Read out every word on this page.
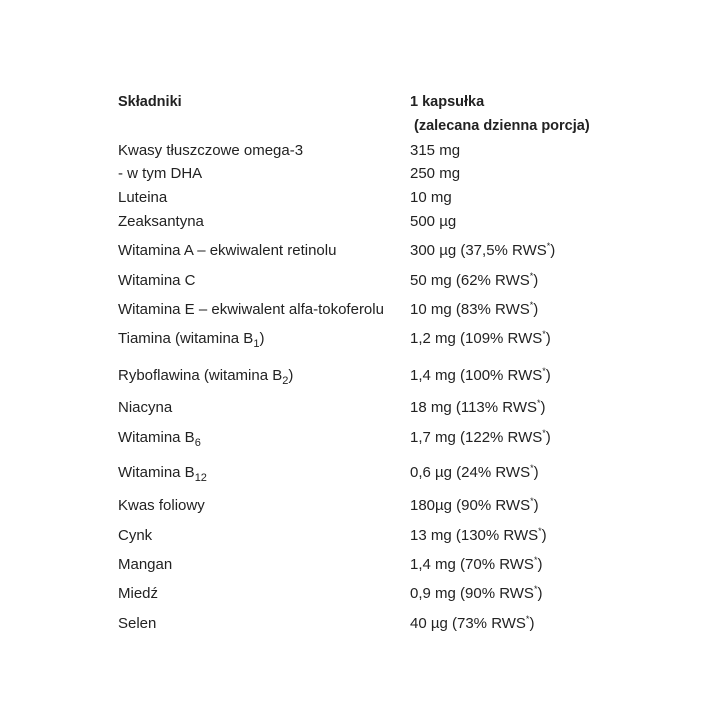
Składniki	1 kapsułka
(zalecana dzienna porcja)
Kwasy tłuszczowe omega-3	315 mg
- w tym DHA	250 mg
Luteina	10 mg
Zeaksantyna	500 µg
Witamina A – ekwiwalent retinolu	300 µg (37,5% RWS*)
Witamina C	50 mg (62% RWS*)
Witamina E – ekwiwalent alfa-tokoferolu 10 mg (83% RWS*)
Tiamina (witamina $B_1$)	1,2 mg (109% RWS*)
Ryboflawina (witamina $B_2$)	1,4 mg (100% RWS*)
Niacyna	18 mg (113% RWS*)
Witamina $B_6$	1,7 mg (122% RWS*)
Witamina $B_{12}$	0,6 µg (24% RWS*)
Kwas foliowy	180µg (90% RWS*)
Cynk	13 mg (130% RWS*)
Mangan	1,4 mg (70% RWS*)
Miedź	0,9 mg (90% RWS*)
Selen	40 µg (73% RWS*)
